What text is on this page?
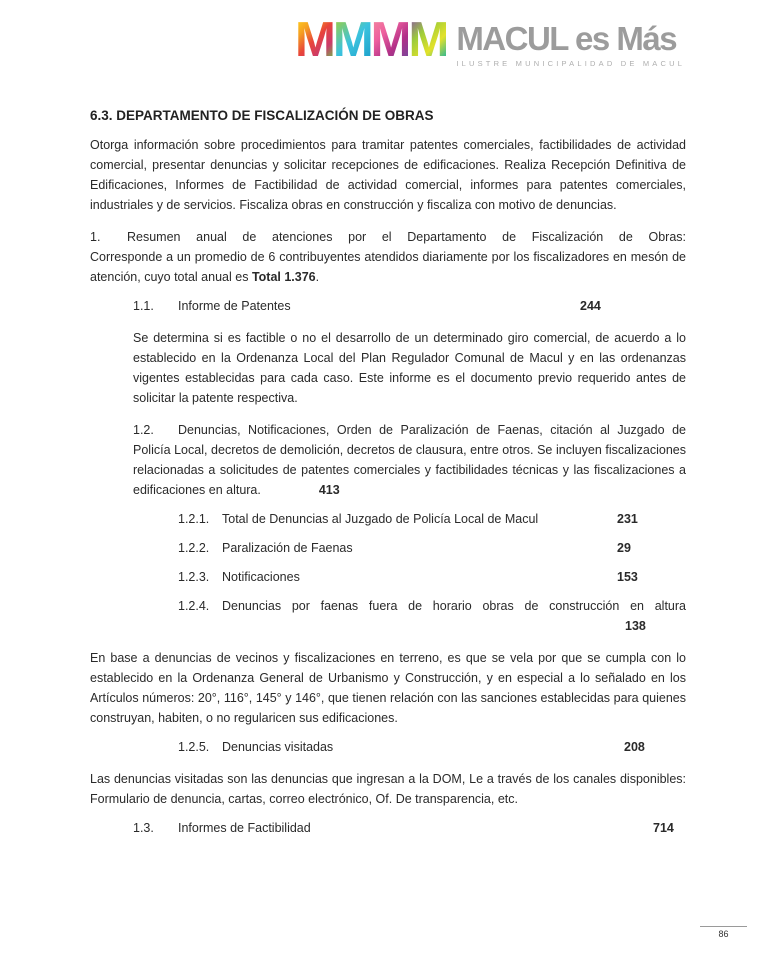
M M M M MACUL es Más
ILUSTRE MUNICIPALIDAD DE MACUL
6.3. DEPARTAMENTO DE FISCALIZACIÓN DE OBRAS

Otorga información sobre procedimientos para tramitar patentes comerciales, factibilidades de actividad comercial, presentar denuncias y solicitar recepciones de edificaciones. Realiza Recepción Definitiva de Edificaciones, Informes de Factibilidad de actividad comercial, informes para patentes comerciales, industriales y de servicios. Fiscaliza obras en construcción y fiscaliza con motivo de denuncias.

1. Resumen anual de atenciones por el Departamento de Fiscalización de Obras:
Corresponde a un promedio de 6 contribuyentes atendidos diariamente por los fiscalizadores en mesón de atención, cuyo total anual es Total 1.376.
1.1. Informe de Patentes	244

Se determina si es factible o no el desarrollo de un determinado giro comercial, de acuerdo a lo establecido en la Ordenanza Local del Plan Regulador Comunal de Macul y en las ordenanzas vigentes establecidas para cada caso. Este informe es el documento previo requerido antes de solicitar la patente respectiva.

1.2. Denuncias, Notificaciones, Orden de Paralización de Faenas, citación al Juzgado de Policía Local, decretos de demolición, decretos de clausura, entre otros. Se incluyen fiscalizaciones relacionadas a solicitudes de patentes comerciales y factibilidades técnicas y las fiscalizaciones a edificaciones en altura.	413
1.2.1. Total de Denuncias al Juzgado de Policía Local de Macul	231
1.2.2. Paralización de Faenas	29
1.2.3. Notificaciones	153
1.2.4. Denuncias por faenas fuera de horario obras de construcción en altura
138

En base a denuncias de vecinos y fiscalizaciones en terreno, es que se vela por que se cumpla con lo establecido en la Ordenanza General de Urbanismo y Construcción, y en especial a lo señalado en los Artículos números: 20°, 116°, 145° y 146°, que tienen relación con las sanciones establecidas para quienes construyan, habiten, o no regularicen sus edificaciones.

1.2.5. Denuncias visitadas	208

Las denuncias visitadas son las denuncias que ingresan a la DOM, Le a través de los canales disponibles: Formulario de denuncia, cartas, correo electrónico, Of. De transparencia, etc.

1.3. Informes de Factibilidad	714
86
